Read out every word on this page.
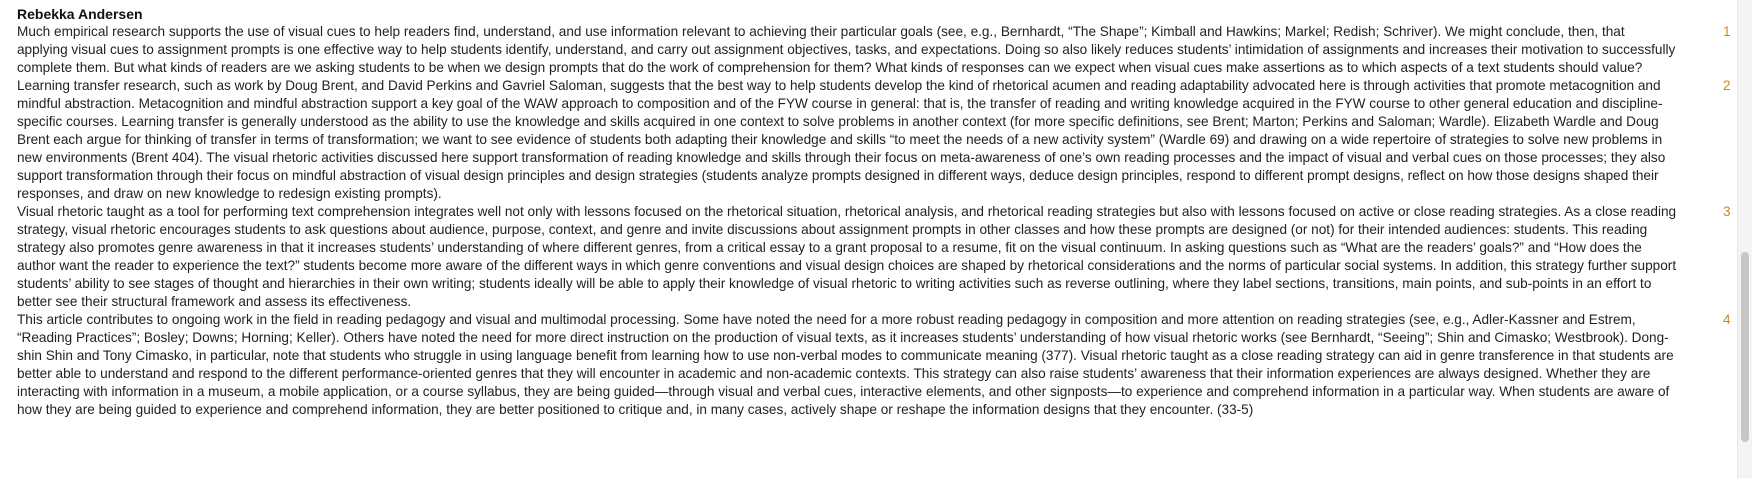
Rebekka Andersen

Much empirical research supports the use of visual cues to help readers find, understand, and use information relevant to achieving their particular goals (see, e.g., Bernhardt, “The Shape”; Kimball and Hawkins; Markel; Redish; Schriver). We might conclude, then, that applying visual cues to assignment prompts is one effective way to help students identify, understand, and carry out assignment objectives, tasks, and expectations. Doing so also likely reduces students’ intimidation of assignments and increases their motivation to successfully complete them. But what kinds of readers are we asking students to be when we design prompts that do the work of comprehension for them? What kinds of responses can we expect when visual cues make assertions as to which aspects of a text students should value?

1

Learning transfer research, such as work by Doug Brent, and David Perkins and Gavriel Saloman, suggests that the best way to help students develop the kind of rhetorical acumen and reading adaptability advocated here is through activities that promote metacognition and mindful abstraction. Metacognition and mindful abstraction support a key goal of the WAW approach to composition and of the FYW course in general: that is, the transfer of reading and writing knowledge acquired in the FYW course to other general education and discipline-specific courses. Learning transfer is generally understood as the ability to use the knowledge and skills acquired in one context to solve problems in another context (for more specific definitions, see Brent; Marton; Perkins and Saloman; Wardle). Elizabeth Wardle and Doug Brent each argue for thinking of transfer in terms of transformation; we want to see evidence of students both adapting their knowledge and skills “to meet the needs of a new activity system” (Wardle 69) and drawing on a wide repertoire of strategies to solve new problems in new environments (Brent 404). The visual rhetoric activities discussed here support transformation of reading knowledge and skills through their focus on meta-awareness of one’s own reading processes and the impact of visual and verbal cues on those processes; they also support transformation through their focus on mindful abstraction of visual design principles and design strategies (students analyze prompts designed in different ways, deduce design principles, respond to different prompt designs, reflect on how those designs shaped their responses, and draw on new knowledge to redesign existing prompts).

2

Visual rhetoric taught as a tool for performing text comprehension integrates well not only with lessons focused on the rhetorical situation, rhetorical analysis, and rhetorical reading strategies but also with lessons focused on active or close reading strategies. As a close reading strategy, visual rhetoric encourages students to ask questions about audience, purpose, context, and genre and invite discussions about assignment prompts in other classes and how these prompts are designed (or not) for their intended audiences: students. This reading strategy also promotes genre awareness in that it increases students’ understanding of where different genres, from a critical essay to a grant proposal to a resume, fit on the visual continuum. In asking questions such as “What are the readers’ goals?” and “How does the author want the reader to experience the text?” students become more aware of the different ways in which genre conventions and visual design choices are shaped by rhetorical considerations and the norms of particular social systems. In addition, this strategy further support students’ ability to see stages of thought and hierarchies in their own writing; students ideally will be able to apply their knowledge of visual rhetoric to writing activities such as reverse outlining, where they label sections, transitions, main points, and sub-points in an effort to better see their structural framework and assess its effectiveness.

3

This article contributes to ongoing work in the field in reading pedagogy and visual and multimodal processing. Some have noted the need for a more robust reading pedagogy in composition and more attention on reading strategies (see, e.g., Adler-Kassner and Estrem, “Reading Practices”; Bosley; Downs; Horning; Keller). Others have noted the need for more direct instruction on the production of visual texts, as it increases students’ understanding of how visual rhetoric works (see Bernhardt, “Seeing”; Shin and Cimasko; Westbrook). Dong-shin Shin and Tony Cimasko, in particular, note that students who struggle in using language benefit from learning how to use non-verbal modes to communicate meaning (377). Visual rhetoric taught as a close reading strategy can aid in genre transference in that students are better able to understand and respond to the different performance-oriented genres that they will encounter in academic and non-academic contexts. This strategy can also raise students’ awareness that their information experiences are always designed. Whether they are interacting with information in a museum, a mobile application, or a course syllabus, they are being guided—through visual and verbal cues, interactive elements, and other signposts—to experience and comprehend information in a particular way. When students are aware of how they are being guided to experience and comprehend information, they are better positioned to critique and, in many cases, actively shape or reshape the information designs that they encounter. (33-5)

4
